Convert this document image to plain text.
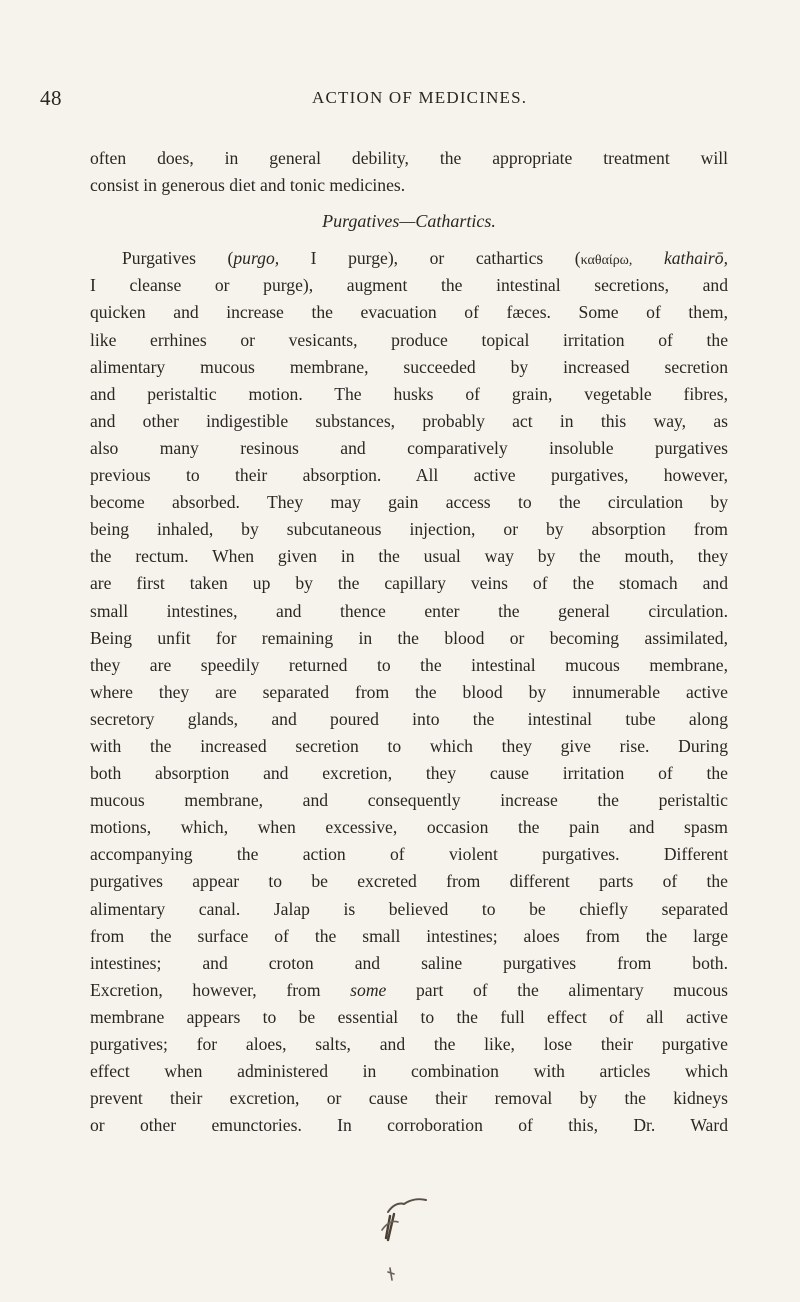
48	ACTION OF MEDICINES.
often does, in general debility, the appropriate treatment will
consist in generous diet and tonic medicines.
Purgatives—Cathartics.
Purgatives (purgo, I purge), or cathartics (καθαίρω, kathairō,
I cleanse or purge), augment the intestinal secretions, and
quicken and increase the evacuation of fæces. Some of them,
like errhines or vesicants, produce topical irritation of the
alimentary mucous membrane, succeeded by increased secretion
and peristaltic motion. The husks of grain, vegetable fibres,
and other indigestible substances, probably act in this way, as
also many resinous and comparatively insoluble purgatives
previous to their absorption. All active purgatives, however,
become absorbed. They may gain access to the circulation by
being inhaled, by subcutaneous injection, or by absorption from
the rectum. When given in the usual way by the mouth, they
are first taken up by the capillary veins of the stomach and
small intestines, and thence enter the general circulation.
Being unfit for remaining in the blood or becoming assimilated,
they are speedily returned to the intestinal mucous membrane,
where they are separated from the blood by innumerable active
secretory glands, and poured into the intestinal tube along
with the increased secretion to which they give rise. During
both absorption and excretion, they cause irritation of the
mucous membrane, and consequently increase the peristaltic
motions, which, when excessive, occasion the pain and spasm
accompanying the action of violent purgatives. Different
purgatives appear to be excreted from different parts of the
alimentary canal. Jalap is believed to be chiefly separated
from the surface of the small intestines; aloes from the large
intestines; and croton and saline purgatives from both.
Excretion, however, from some part of the alimentary mucous
membrane appears to be essential to the full effect of all active
purgatives; for aloes, salts, and the like, lose their purgative
effect when administered in combination with articles which
prevent their excretion, or cause their removal by the kidneys
or other emunctories. In corroboration of this, Dr. Ward
